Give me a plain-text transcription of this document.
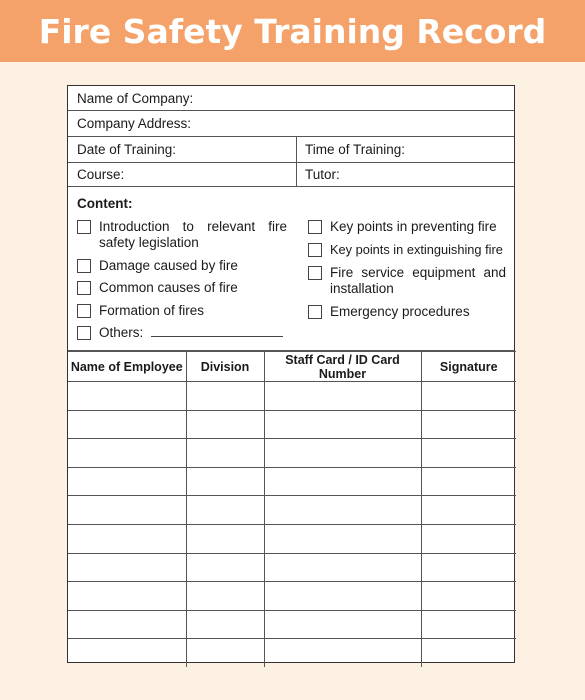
Fire Safety Training Record
Name of Company:
Company Address:
Date of Training:	Time of Training:
Course:	Tutor:
Content:
Introduction to relevant fire safety legislation
Damage caused by fire
Common causes of fire
Formation of fires
Others:
Key points in preventing fire
Key points in extinguishing fire
Fire service equipment and installation
Emergency procedures
Name of Employee	Division	Staff Card / ID Card Number	Signature
